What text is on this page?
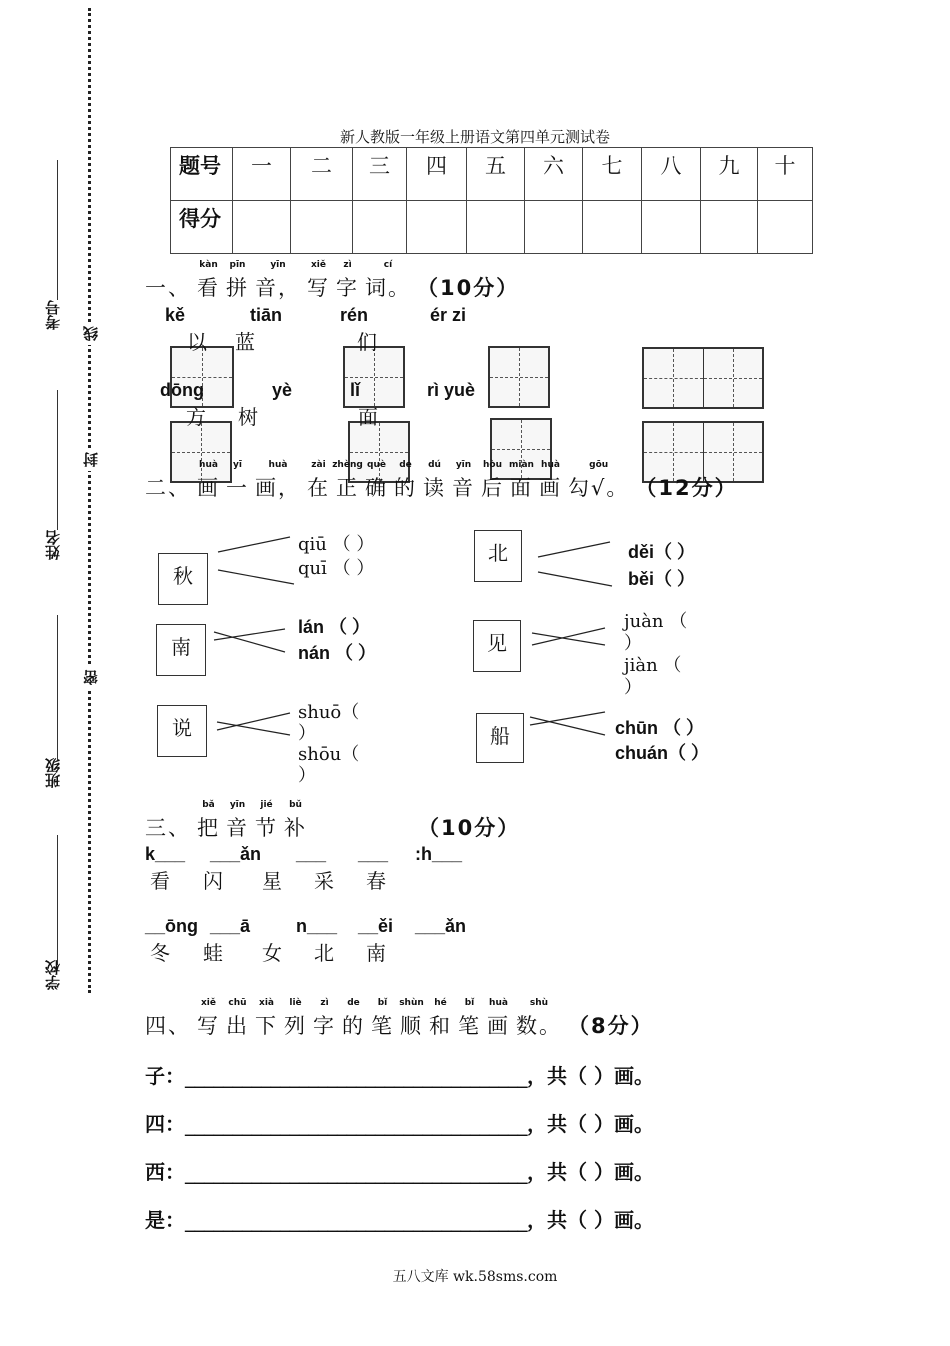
考号
姓名
班级
学校
线
封
密
新人教版一年级上册语文第四单元测试卷
题号	一	二	三	四	五	六	七	八	九	十
得分										
一、 看
kàn
拼
pīn
音，
yīn
写
xiě
字
zì
词。
cí
（10分）
kě	tiān	rén	ér zi
以 蓝	们
dōng	yè	lǐ	rì yuè
方 树	面
二、 画
huà
一
yī
画，
huà
在
zài
正
zhèng
确
què
的
de
读
dú
音
yīn
后
hòu
面
miàn
画
huà
勾√。
gōu
（12分）
秋
qiū （ ）
quī （ ）
北	děi（ ）
běi（ ）
南
lán （ ）
nán （ ）	见
juàn （
）
jiàn （
）
说
shuō（
）
shōu（
）
船	chūn （ ）
chuán（ ）
三、 把
bǎ
音
yīn
节
jié
补
bǔ
（10分）
k___ ___ǎn ___ ___ :h___
看 闪 星 采 春
__ōng ___ā	n___ __ěi ___ǎn
冬 蛙 女 北 南
四、 写
xiě
出
chū
下
xià
列
liè
字
zì
的
de
笔
bǐ
顺
shùn
和
hé
笔
bǐ
画
huà
数。
shù
（8分）
子：____________________________________，共（ ）画。
四：____________________________________，共（ ）画。
西：____________________________________，共（ ）画。
是：____________________________________，共（ ）画。
五八文库 wk.58sms.com
